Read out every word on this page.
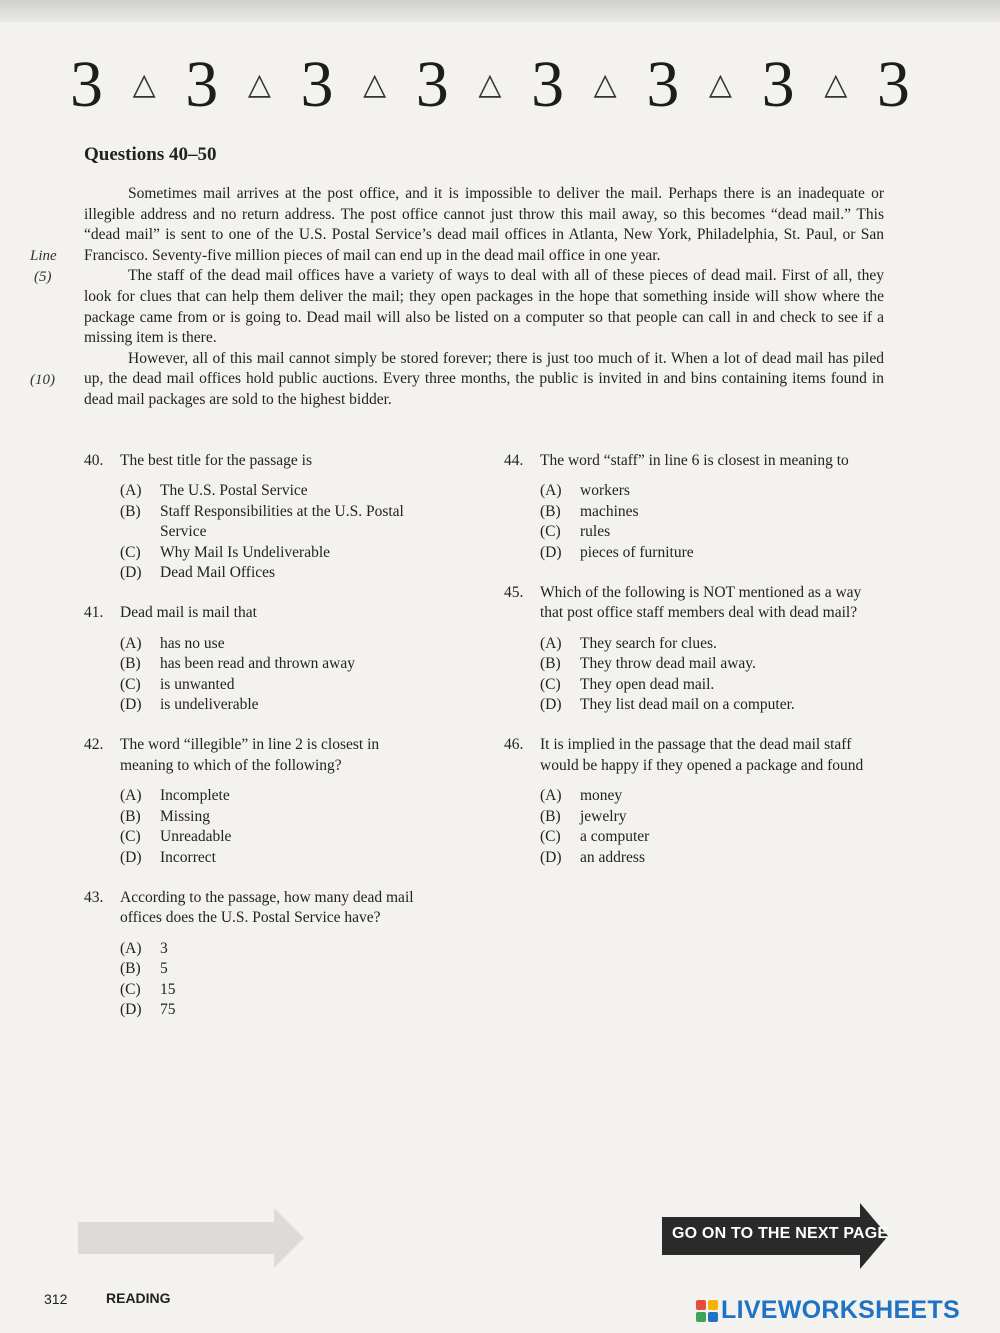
3 △ 3 △ 3 △ 3 △ 3 △ 3 △ 3 △ 3
Questions 40–50

Sometimes mail arrives at the post office, and it is impossible to deliver the mail. Perhaps there is an inadequate or illegible address and no return address. The post office cannot just throw this mail away, so this becomes “dead mail.” This “dead mail” is sent to one of the U.S. Postal Service’s dead mail offices in Atlanta, New York, Philadelphia, St. Paul, or San Francisco. Seventy-five million pieces of mail can end up in the dead mail office in one year.

The staff of the dead mail offices have a variety of ways to deal with all of these pieces of dead mail. First of all, they look for clues that can help them deliver the mail; they open packages in the hope that something inside will show where the package came from or is going to. Dead mail will also be listed on a computer so that people can call in and check to see if a missing item is there.

However, all of this mail cannot simply be stored forever; there is just too much of it. When a lot of dead mail has piled up, the dead mail offices hold public auctions. Every three months, the public is invited in and bins containing items found in dead mail packages are sold to the highest bidder.

Line
(5)
(10)
40.	The best title for the passage is
(A)	The U.S. Postal Service
(B)	Staff Responsibilities at the U.S. Postal Service
(C)	Why Mail Is Undeliverable
(D)	Dead Mail Offices
41.	Dead mail is mail that
(A)	has no use
(B)	has been read and thrown away
(C)	is unwanted
(D)	is undeliverable
42.	The word “illegible” in line 2 is closest in meaning to which of the following?
(A)	Incomplete
(B)	Missing
(C)	Unreadable
(D)	Incorrect
43.	According to the passage, how many dead mail offices does the U.S. Postal Service have?
(A)	3
(B)	5
(C)	15
(D)	75
44.	The word “staff” in line 6 is closest in meaning to
(A)	workers
(B)	machines
(C)	rules
(D)	pieces of furniture
45.	Which of the following is NOT mentioned as a way that post office staff members deal with dead mail?
(A)	They search for clues.
(B)	They throw dead mail away.
(C)	They open dead mail.
(D)	They list dead mail on a computer.
46.	It is implied in the passage that the dead mail staff would be happy if they opened a package and found
(A)	money
(B)	jewelry
(C)	a computer
(D)	an address
GO ON TO THE NEXT PAGE
312	READING	LIVEWORKSHEETS
